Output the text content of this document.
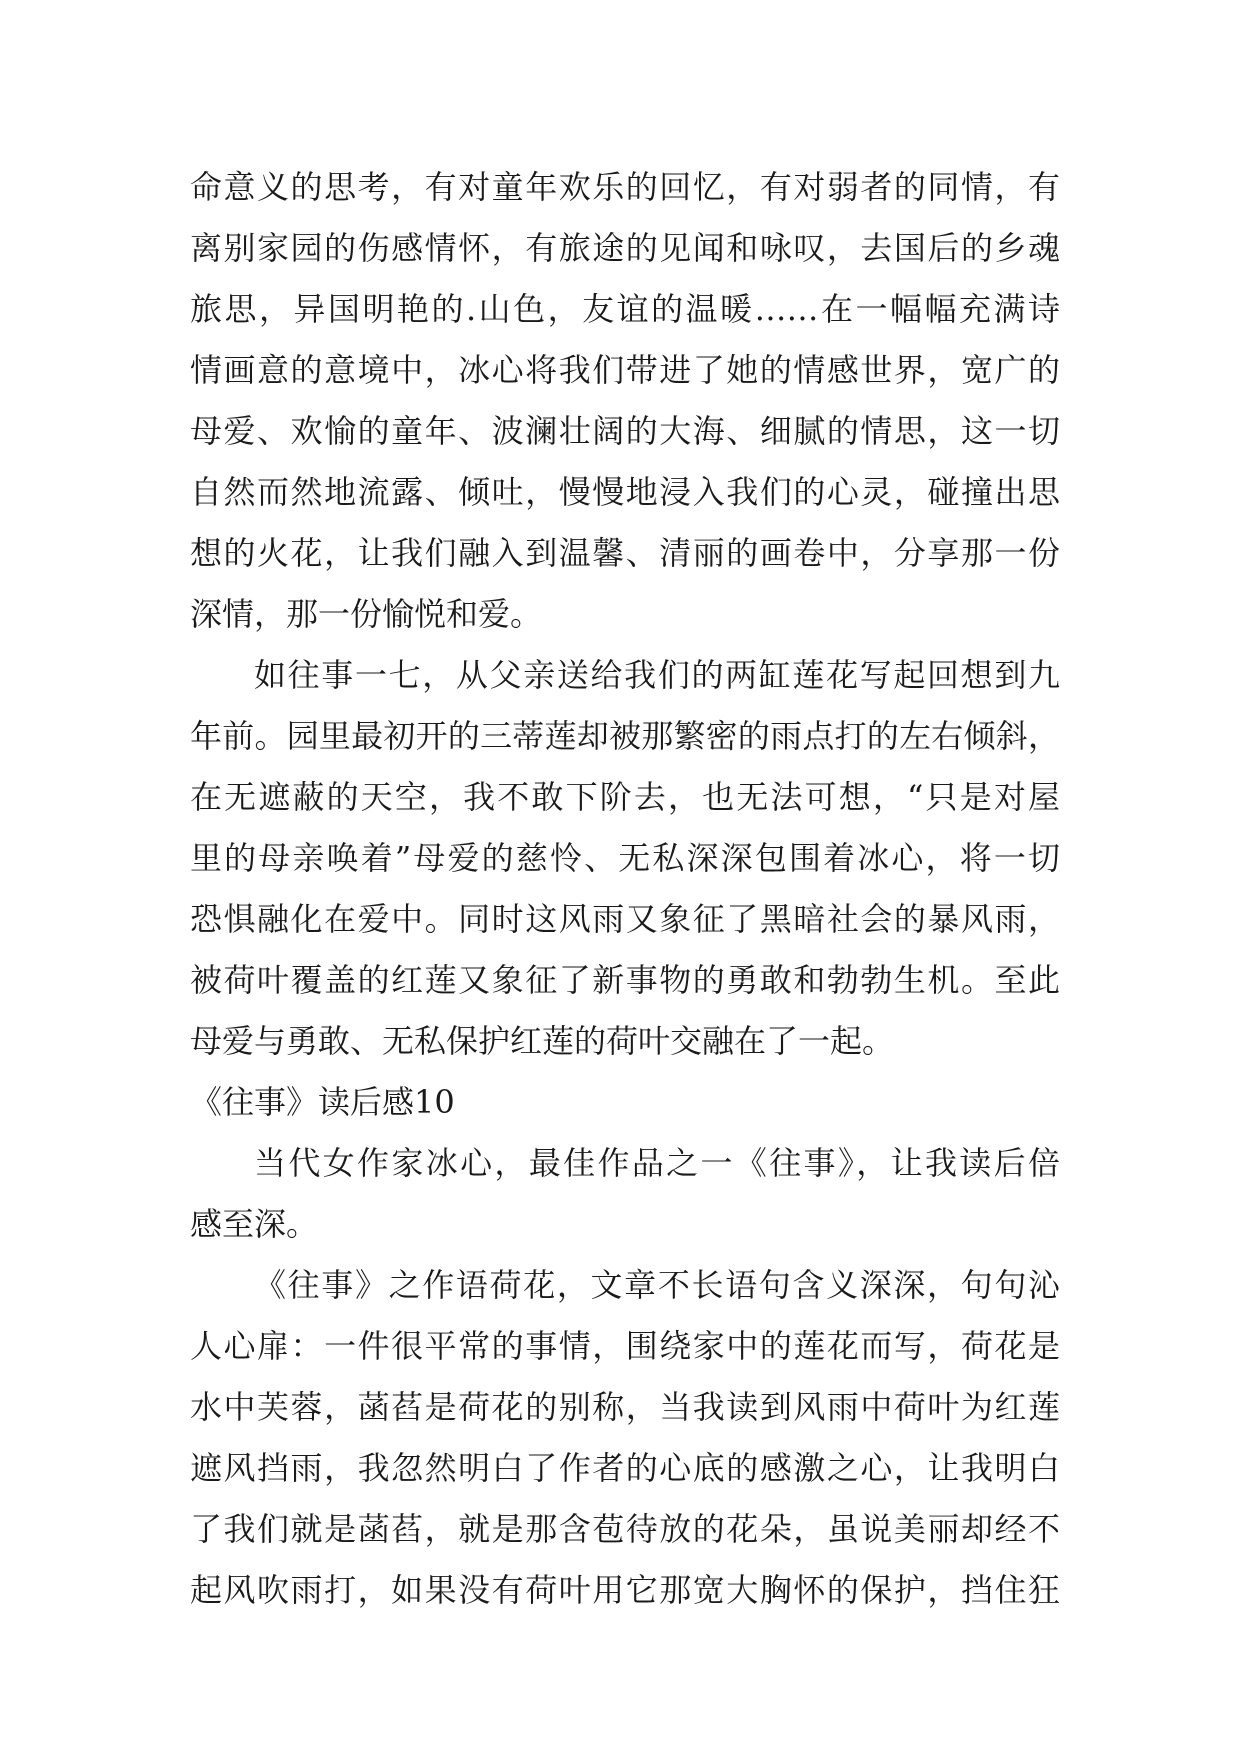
命意义的思考，有对童年欢乐的回忆，有对弱者的同情，有
离别家园的伤感情怀，有旅途的见闻和咏叹，去国后的乡魂
旅思，异国明艳的.山色，友谊的温暖……在一幅幅充满诗
情画意的意境中，冰心将我们带进了她的情感世界，宽广的
母爱、欢愉的童年、波澜壮阔的大海、细腻的情思，这一切
自然而然地流露、倾吐，慢慢地浸入我们的心灵，碰撞出思
想的火花，让我们融入到温馨、清丽的画卷中，分享那一份
深情，那一份愉悦和爱。
如往事一七，从父亲送给我们的两缸莲花写起回想到九
年前。园里最初开的三蒂莲却被那繁密的雨点打的左右倾斜，
在无遮蔽的天空，我不敢下阶去，也无法可想，“只是对屋
里的母亲唤着”母爱的慈怜、无私深深包围着冰心，将一切
恐惧融化在爱中。同时这风雨又象征了黑暗社会的暴风雨，
被荷叶覆盖的红莲又象征了新事物的勇敢和勃勃生机。至此
母爱与勇敢、无私保护红莲的荷叶交融在了一起。
《往事》读后感10
当代女作家冰心，最佳作品之一《往事》，让我读后倍
感至深。
《往事》之作语荷花，文章不长语句含义深深，句句沁
人心扉：一件很平常的事情，围绕家中的莲花而写，荷花是
水中芙蓉，菡萏是荷花的别称，当我读到风雨中荷叶为红莲
遮风挡雨，我忽然明白了作者的心底的感激之心，让我明白
了我们就是菡萏，就是那含苞待放的花朵，虽说美丽却经不
起风吹雨打，如果没有荷叶用它那宽大胸怀的保护，挡住狂
